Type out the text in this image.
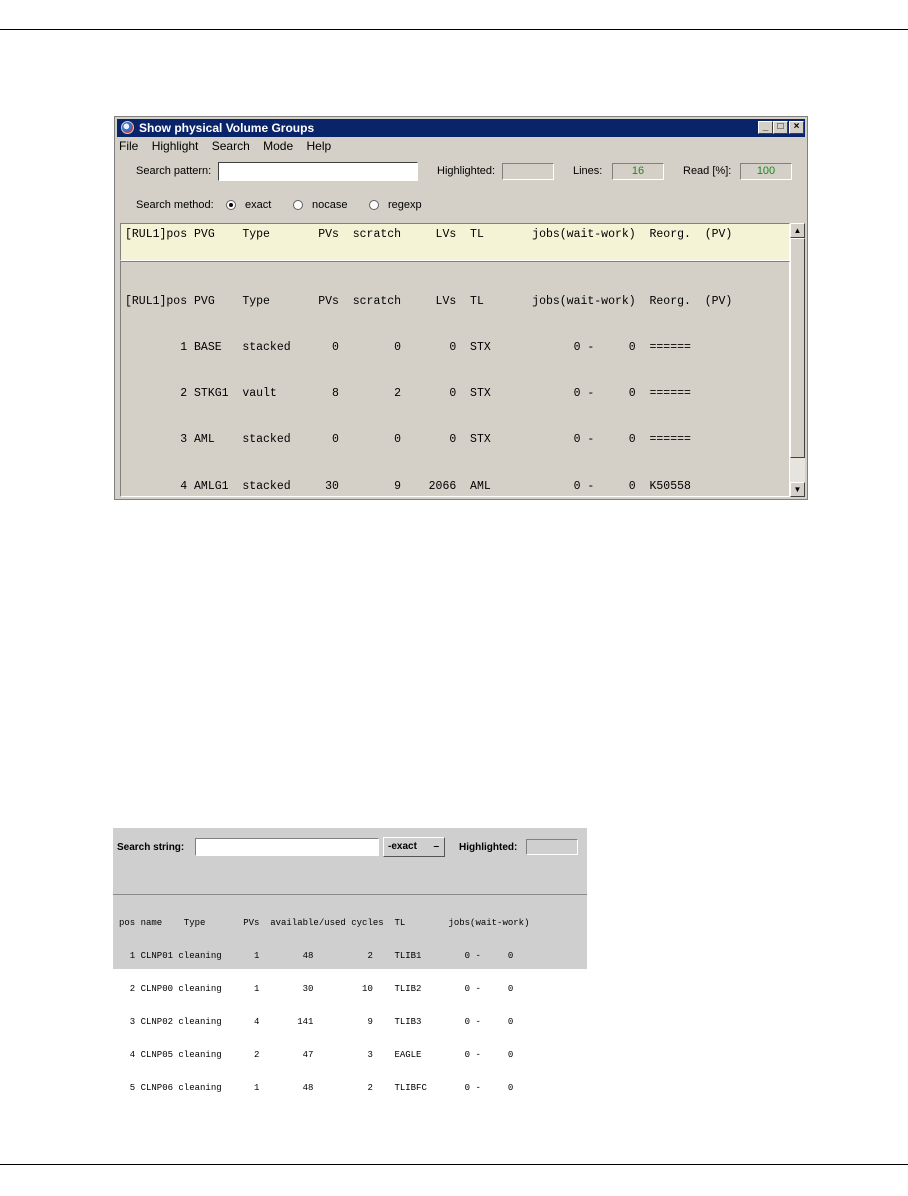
Show physical Volume Groups	_ □	×
File Highlight Search Mode Help
Search pattern:	Highlighted:	Lines:	16	Read [%]:	100
Search method:	exact	nocase	regexp
[RUL1]pos PVG    Type       PVs  scratch     LVs  TL       jobs(wait-work)  Reorg.  (PV)

[RUL1]pos PVG    Type       PVs  scratch     LVs  TL       jobs(wait-work)  Reorg.  (PV)

1 BASE   stacked      0        0       0  STX            0 -     0  ======

2 STKG1  vault        8        2       0  STX            0 -     0  ======

3 AML    stacked      0        0       0  STX            0 -     0  ======

4 AMLG1  stacked     30        9    2066  AML            0 -     0  K50558

▲
▼
Search string:	-exact – Highlighted:

pos name    Type       PVs  available/used cycles  TL        jobs(wait-work)

1 CLNP01 cleaning      1        48          2    TLIB1        0 -     0

2 CLNP00 cleaning      1        30         10    TLIB2        0 -     0

3 CLNP02 cleaning      4       141          9    TLIB3        0 -     0

4 CLNP05 cleaning      2        47          3    EAGLE        0 -     0

5 CLNP06 cleaning      1        48          2    TLIBFC       0 -     0
